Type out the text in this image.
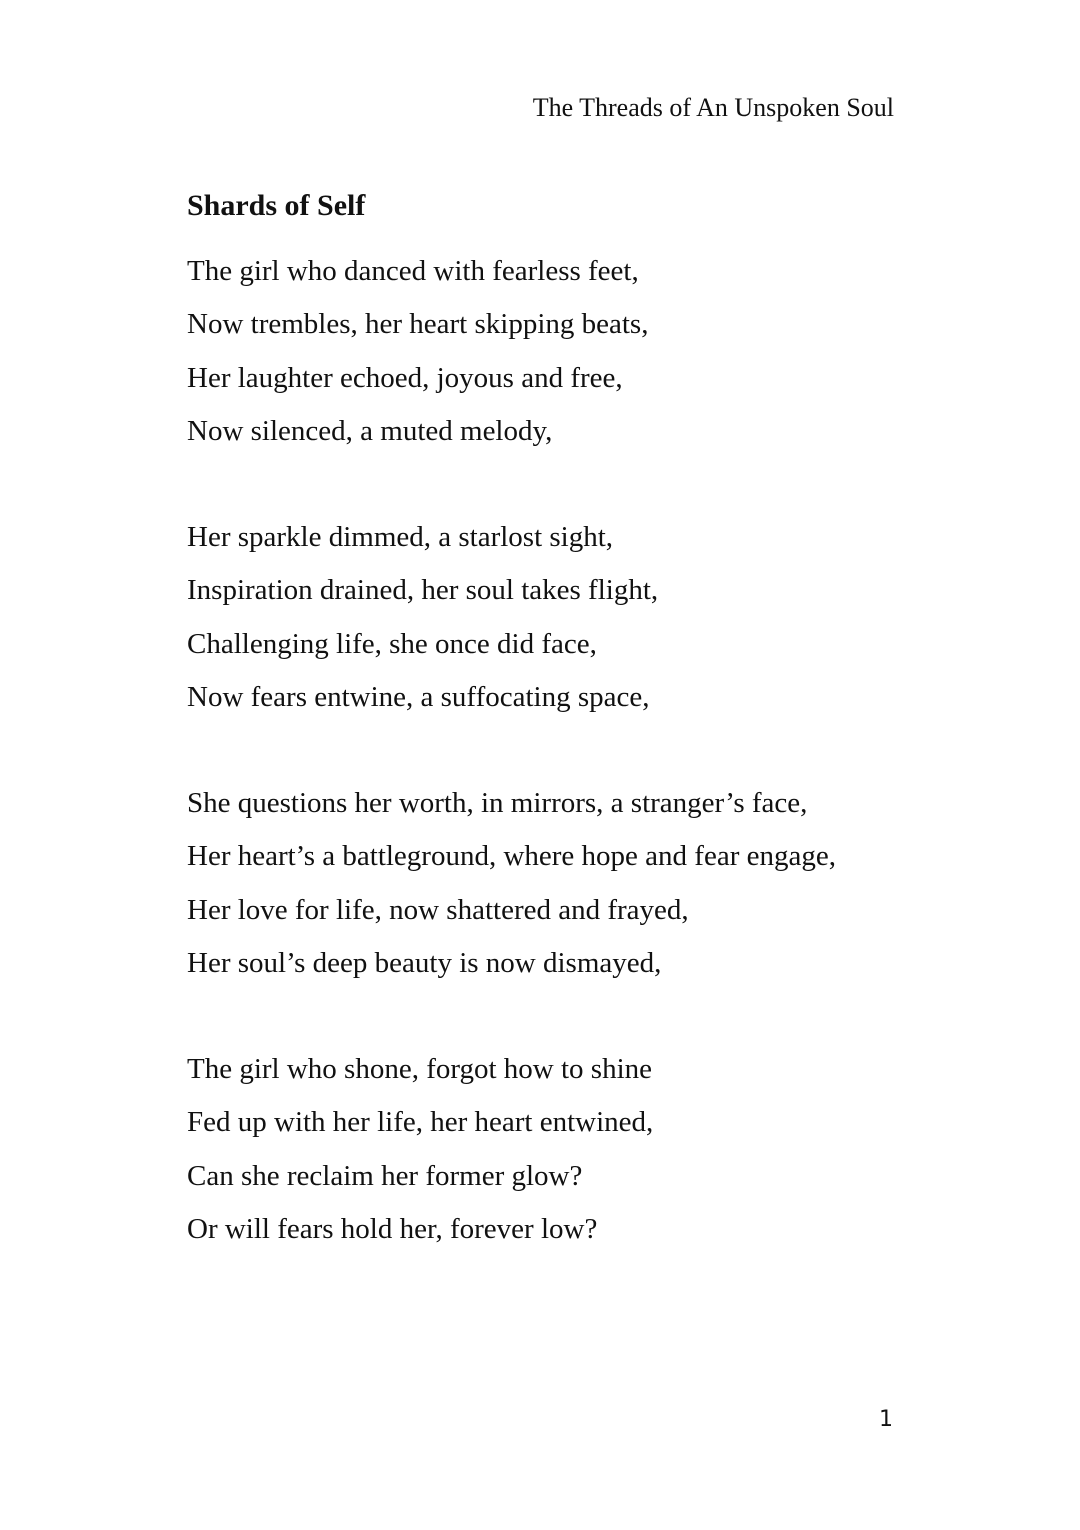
The Threads of An Unspoken Soul
Shards of Self
The girl who danced with fearless feet,
Now trembles, her heart skipping beats,
Her laughter echoed, joyous and free,
Now silenced, a muted melody,
Her sparkle dimmed, a starlost sight,
Inspiration drained, her soul takes flight,
Challenging life, she once did face,
Now fears entwine, a suffocating space,
She questions her worth, in mirrors, a stranger’s face,
Her heart’s a battleground, where hope and fear engage,
Her love for life, now shattered and frayed,
Her soul’s deep beauty is now dismayed,
The girl who shone, forgot how to shine
Fed up with her life, her heart entwined,
Can she reclaim her former glow?
Or will fears hold her, forever low?
1
